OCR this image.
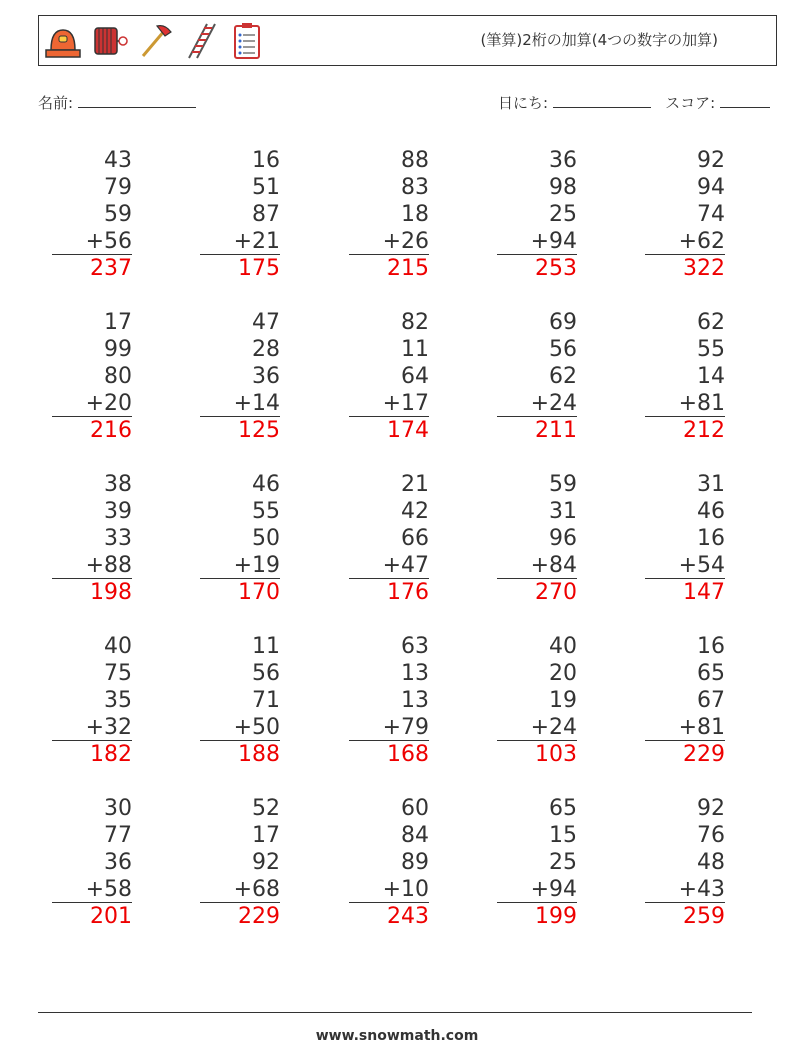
(筆算)2桁の加算(4つの数字の加算)
名前:	日にち:	スコア:
43
79
59
+56
237
16
51
87
+21
175
88
83
18
+26
215
36
98
25
+94
253
92
94
74
+62
322
17
99
80
+20
216
47
28
36
+14
125
82
11
64
+17
174
69
56
62
+24
211
62
55
14
+81
212
38
39
33
+88
198
46
55
50
+19
170
21
42
66
+47
176
59
31
96
+84
270
31
46
16
+54
147
40
75
35
+32
182
11
56
71
+50
188
63
13
13
+79
168
40
20
19
+24
103
16
65
67
+81
229
30
77
36
+58
201
52
17
92
+68
229
60
84
89
+10
243
65
15
25
+94
199
92
76
48
+43
259
www.snowmath.com
